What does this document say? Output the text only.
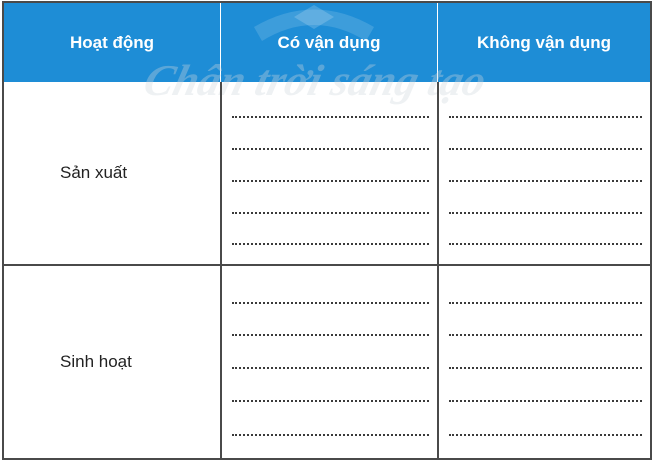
Hoạt động	Có vận dụng	Không vận dụng
Chân trời sáng tạo
Sản xuất
Sinh hoạt
